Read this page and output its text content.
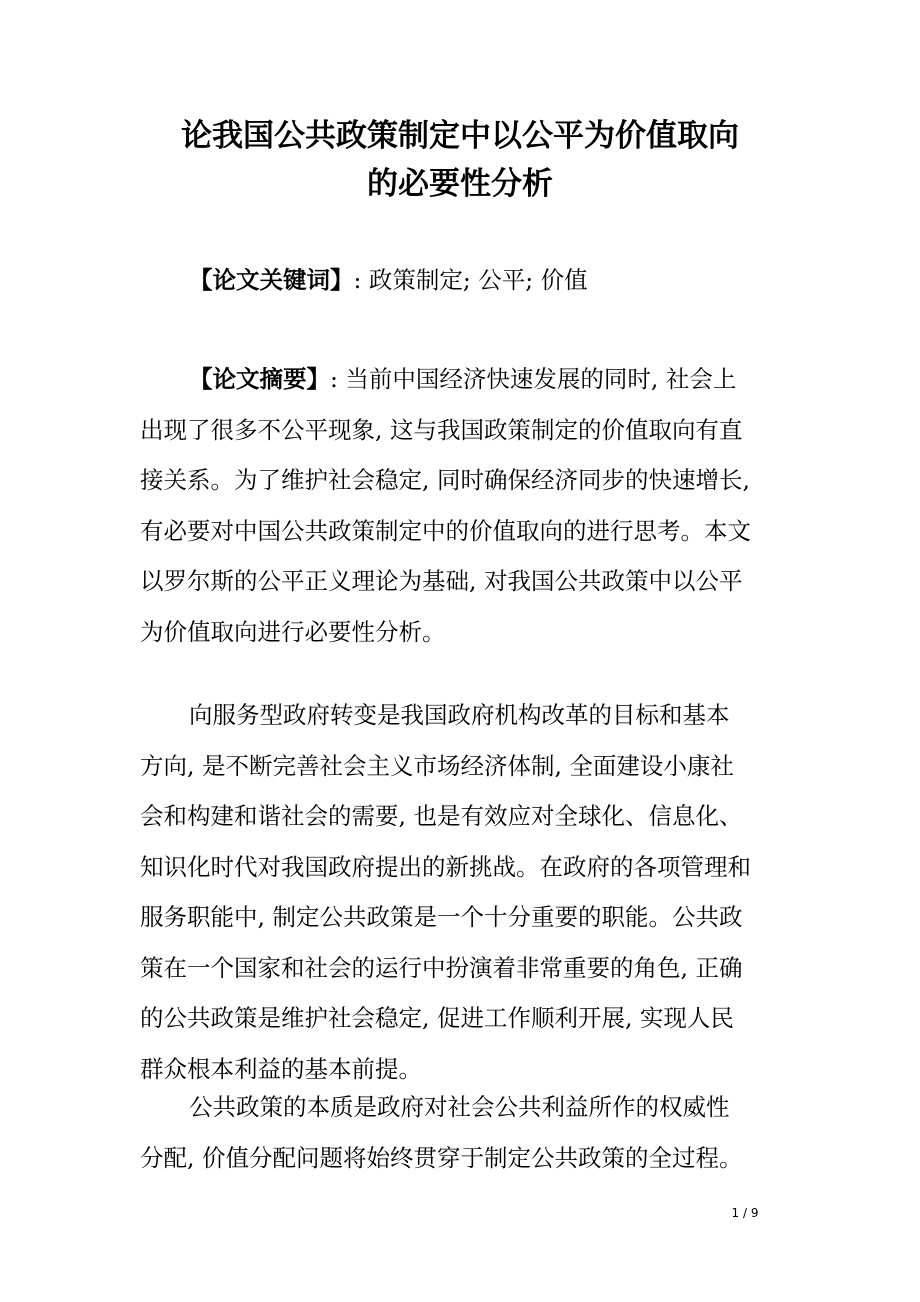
论我国公共政策制定中以公平为价值取向
的必要性分析
【论文关键词】: 政策制定; 公平; 价值
【论文摘要】: 当前中国经济快速发展的同时, 社会上
出现了很多不公平现象, 这与我国政策制定的价值取向有直
接关系。为了维护社会稳定, 同时确保经济同步的快速增长,
有必要对中国公共政策制定中的价值取向的进行思考。本文
以罗尔斯的公平正义理论为基础, 对我国公共政策中以公平
为价值取向进行必要性分析。
向服务型政府转变是我国政府机构改革的目标和基本
方向, 是不断完善社会主义市场经济体制, 全面建设小康社
会和构建和谐社会的需要, 也是有效应对全球化、信息化、
知识化时代对我国政府提出的新挑战。在政府的各项管理和
服务职能中, 制定公共政策是一个十分重要的职能。公共政
策在一个国家和社会的运行中扮演着非常重要的角色, 正确
的公共政策是维护社会稳定, 促进工作顺利开展, 实现人民
群众根本利益的基本前提。
公共政策的本质是政府对社会公共利益所作的权威性
分配, 价值分配问题将始终贯穿于制定公共政策的全过程。
1 / 9
